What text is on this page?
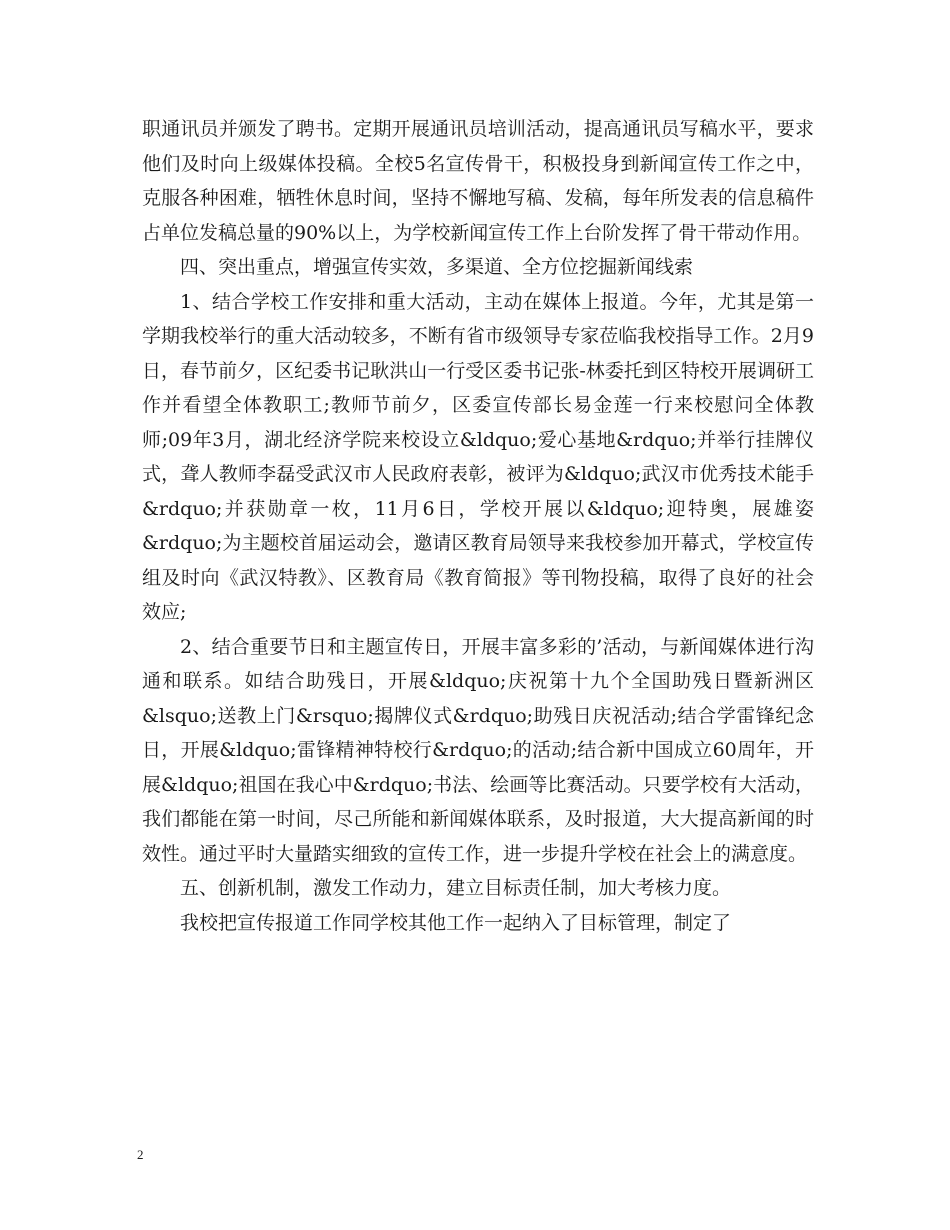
职通讯员并颁发了聘书。定期开展通讯员培训活动，提高通讯员写稿水平，要求他们及时向上级媒体投稿。全校5名宣传骨干，积极投身到新闻宣传工作之中，克服各种困难，牺牲休息时间，坚持不懈地写稿、发稿，每年所发表的信息稿件占单位发稿总量的90%以上，为学校新闻宣传工作上台阶发挥了骨干带动作用。

四、突出重点，增强宣传实效，多渠道、全方位挖掘新闻线索

1、结合学校工作安排和重大活动，主动在媒体上报道。今年，尤其是第一学期我校举行的重大活动较多，不断有省市级领导专家莅临我校指导工作。2月9日，春节前夕，区纪委书记耿洪山一行受区委书记张-林委托到区特校开展调研工作并看望全体教职工;教师节前夕，区委宣传部长易金莲一行来校慰问全体教师;09年3月，湖北经济学院来校设立&ldquo;爱心基地&rdquo;并举行挂牌仪式，聋人教师李磊受武汉市人民政府表彰，被评为&ldquo;武汉市优秀技术能手&rdquo;并获勋章一枚，11月6日，学校开展以&ldquo;迎特奥，展雄姿&rdquo;为主题校首届运动会，邀请区教育局领导来我校参加开幕式，学校宣传组及时向《武汉特教》、区教育局《教育简报》等刊物投稿，取得了良好的社会效应;

2、结合重要节日和主题宣传日，开展丰富多彩的’活动，与新闻媒体进行沟通和联系。如结合助残日，开展&ldquo;庆祝第十九个全国助残日暨新洲区&lsquo;送教上门&rsquo;揭牌仪式&rdquo;助残日庆祝活动;结合学雷锋纪念日，开展&ldquo;雷锋精神特校行&rdquo;的活动;结合新中国成立60周年，开展&ldquo;祖国在我心中&rdquo;书法、绘画等比赛活动。只要学校有大活动，我们都能在第一时间，尽己所能和新闻媒体联系，及时报道，大大提高新闻的时效性。通过平时大量踏实细致的宣传工作，进一步提升学校在社会上的满意度。

五、创新机制，激发工作动力，建立目标责任制，加大考核力度。

我校把宣传报道工作同学校其他工作一起纳入了目标管理，制定了

2
